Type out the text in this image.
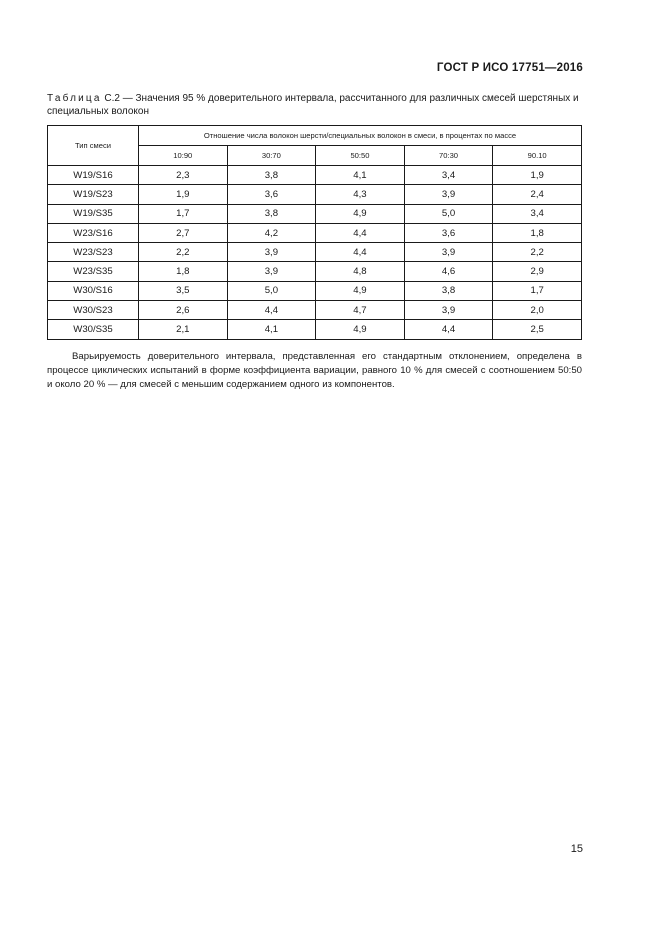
ГОСТ Р ИСО 17751—2016
Таблица С.2 — Значения 95 % доверительного интервала, рассчитанного для различных смесей шерстяных и специальных волокон
Тип смеси	Отношение числа волокон шерсти/специальных волокон в смеси, в процентах по массе				
	10:90	30:70	50:50	70:30	90.10
W19/S16	2,3	3,8	4,1	3,4	1,9
W19/S23	1,9	3,6	4,3	3,9	2,4
W19/S35	1,7	3,8	4,9	5,0	3,4
W23/S16	2,7	4,2	4,4	3,6	1,8
W23/S23	2,2	3,9	4,4	3,9	2,2
W23/S35	1,8	3,9	4,8	4,6	2,9
W30/S16	3,5	5,0	4,9	3,8	1,7
W30/S23	2,6	4,4	4,7	3,9	2,0
W30/S35	2,1	4,1	4,9	4,4	2,5
Варьируемость доверительного интервала, представленная его стандартным отклонением, определена в процессе циклических испытаний в форме коэффициента вариации, равного 10 % для смесей с соотношением 50:50 и около 20 % — для смесей с меньшим содержанием одного из компонентов.
15
